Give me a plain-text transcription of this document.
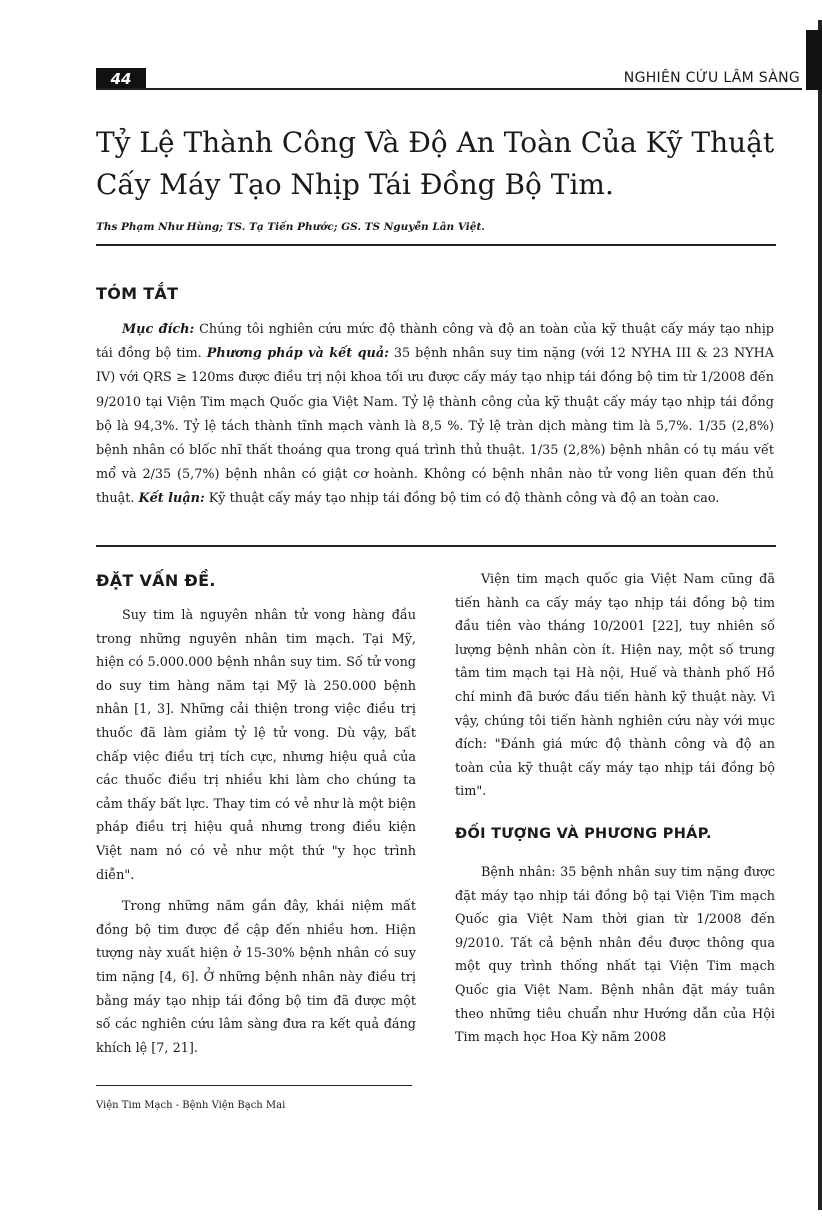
44	NGHIÊN CỨU LÂM SÀNG
Tỷ Lệ Thành Công Và Độ An Toàn Của Kỹ Thuật Cấy Máy Tạo Nhịp Tái Đồng Bộ Tim.
Ths Phạm Như Hùng; TS. Tạ Tiến Phước; GS. TS Nguyễn Lân Việt.
TÓM TẮT

Mục đích: Chúng tôi nghiên cứu mức độ thành công và độ an toàn của kỹ thuật cấy máy tạo nhịp tái đồng bộ tim. Phương pháp và kết quả: 35 bệnh nhân suy tim nặng (với 12 NYHA III & 23 NYHA IV) với QRS ≥ 120ms được điều trị nội khoa tối ưu được cấy máy tạo nhịp tái đồng bộ tim từ 1/2008 đến 9/2010 tại Viện Tim mạch Quốc gia Việt Nam. Tỷ lệ thành công của kỹ thuật cấy máy tạo nhịp tái đồng bộ là 94,3%. Tỷ lệ tách thành tĩnh mạch vành là 8,5 %. Tỷ lệ tràn dịch màng tim là 5,7%. 1/35 (2,8%) bệnh nhân có blốc nhĩ thất thoáng qua trong quá trình thủ thuật. 1/35 (2,8%) bệnh nhân có tụ máu vết mổ và 2/35 (5,7%) bệnh nhân có giật cơ hoành. Không có bệnh nhân nào tử vong liên quan đến thủ thuật. Kết luận: Kỹ thuật cấy máy tạo nhịp tái đồng bộ tim có độ thành công và độ an toàn cao.

ĐẶT VẤN ĐỀ.

Suy tim là nguyên nhân tử vong hàng đầu trong những nguyên nhân tim mạch. Tại Mỹ, hiện có 5.000.000 bệnh nhân suy tim. Số tử vong do suy tim hàng năm tại Mỹ là 250.000 bệnh nhân [1, 3]. Những cải thiện trong việc điều trị thuốc đã làm giảm tỷ lệ tử vong. Dù vậy, bất chấp việc điều trị tích cực, nhưng hiệu quả của các thuốc điều trị nhiều khi làm cho chúng ta cảm thấy bất lực. Thay tim có vẻ như là một biện pháp điều trị hiệu quả nhưng trong điều kiện Việt nam nó có vẻ như một thứ "y học trình diễn".

Trong những năm gần đây, khái niệm mất đồng bộ tim được đề cập đến nhiều hơn. Hiện tượng này xuất hiện ở 15-30% bệnh nhân có suy tim nặng [4, 6]. Ở những bệnh nhân này điều trị bằng máy tạo nhịp tái đồng bộ tim đã được một số các nghiên cứu lâm sàng đưa ra kết quả đáng khích lệ [7, 21].

Viện tim mạch quốc gia Việt Nam cũng đã tiến hành ca cấy máy tạo nhịp tái đồng bộ tim đầu tiên vào tháng 10/2001 [22], tuy nhiên số lượng bệnh nhân còn ít. Hiện nay, một số trung tâm tim mạch tại Hà nội, Huế và thành phố Hồ chí minh đã bước đầu tiến hành kỹ thuật này. Vì vậy, chúng tôi tiến hành nghiên cứu này với mục đích: "Đánh giá mức độ thành công và độ an toàn của kỹ thuật cấy máy tạo nhịp tái đồng bộ tim".

ĐỐI TƯỢNG VÀ PHƯƠNG PHÁP.

Bệnh nhân: 35 bệnh nhân suy tim nặng được đặt máy tạo nhịp tái đồng bộ tại Viện Tim mạch Quốc gia Việt Nam thời gian từ 1/2008 đến 9/2010. Tất cả bệnh nhân đều được thông qua một quy trình thống nhất tại Viện Tim mạch Quốc gia Việt Nam. Bệnh nhân đặt máy tuân theo những tiêu chuẩn như Hướng dẫn của Hội Tim mạch học Hoa Kỳ năm 2008

Viện Tim Mạch - Bệnh Viện Bạch Mai
